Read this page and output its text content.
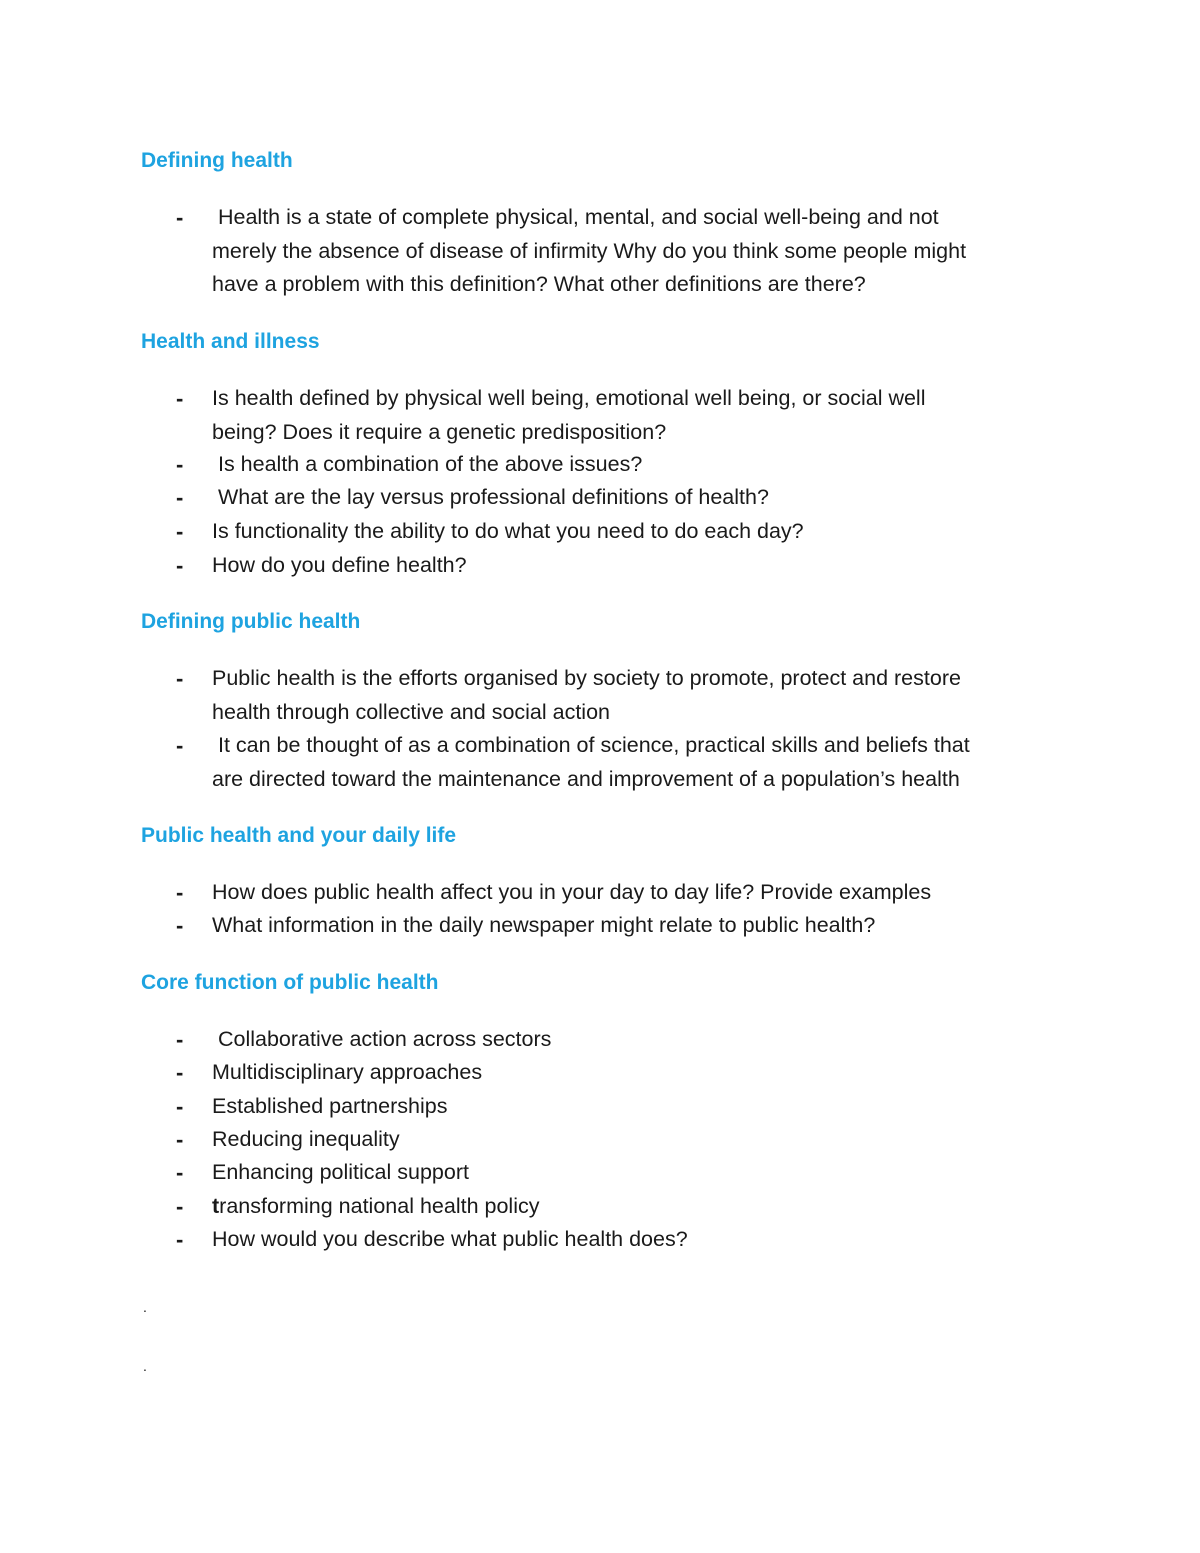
Defining health
- Health is a state of complete physical, mental, and social well-being and not
merely the absence of disease of infirmity Why do you think some people might
have a problem with this definition? What other definitions are there?

Health and illness
- Is health defined by physical well being, emotional well being, or social well
being? Does it require a genetic predisposition?

- Is health a combination of the above issues?

- What are the lay versus professional definitions of health?

- Is functionality the ability to do what you need to do each day?

- How do you define health?

Defining public health
- Public health is the efforts organised by society to promote, protect and restore
health through collective and social action

- It can be thought of as a combination of science, practical skills and beliefs that
are directed toward the maintenance and improvement of a population’s health

Public health and your daily life
- How does public health affect you in your day to day life? Provide examples

- What information in the daily newspaper might relate to public health?

Core function of public health
- Collaborative action across sectors

- Multidisciplinary approaches

- Established partnerships

- Reducing inequality

- Enhancing political support

- transforming national health policy

- How would you describe what public health does?

.
.
